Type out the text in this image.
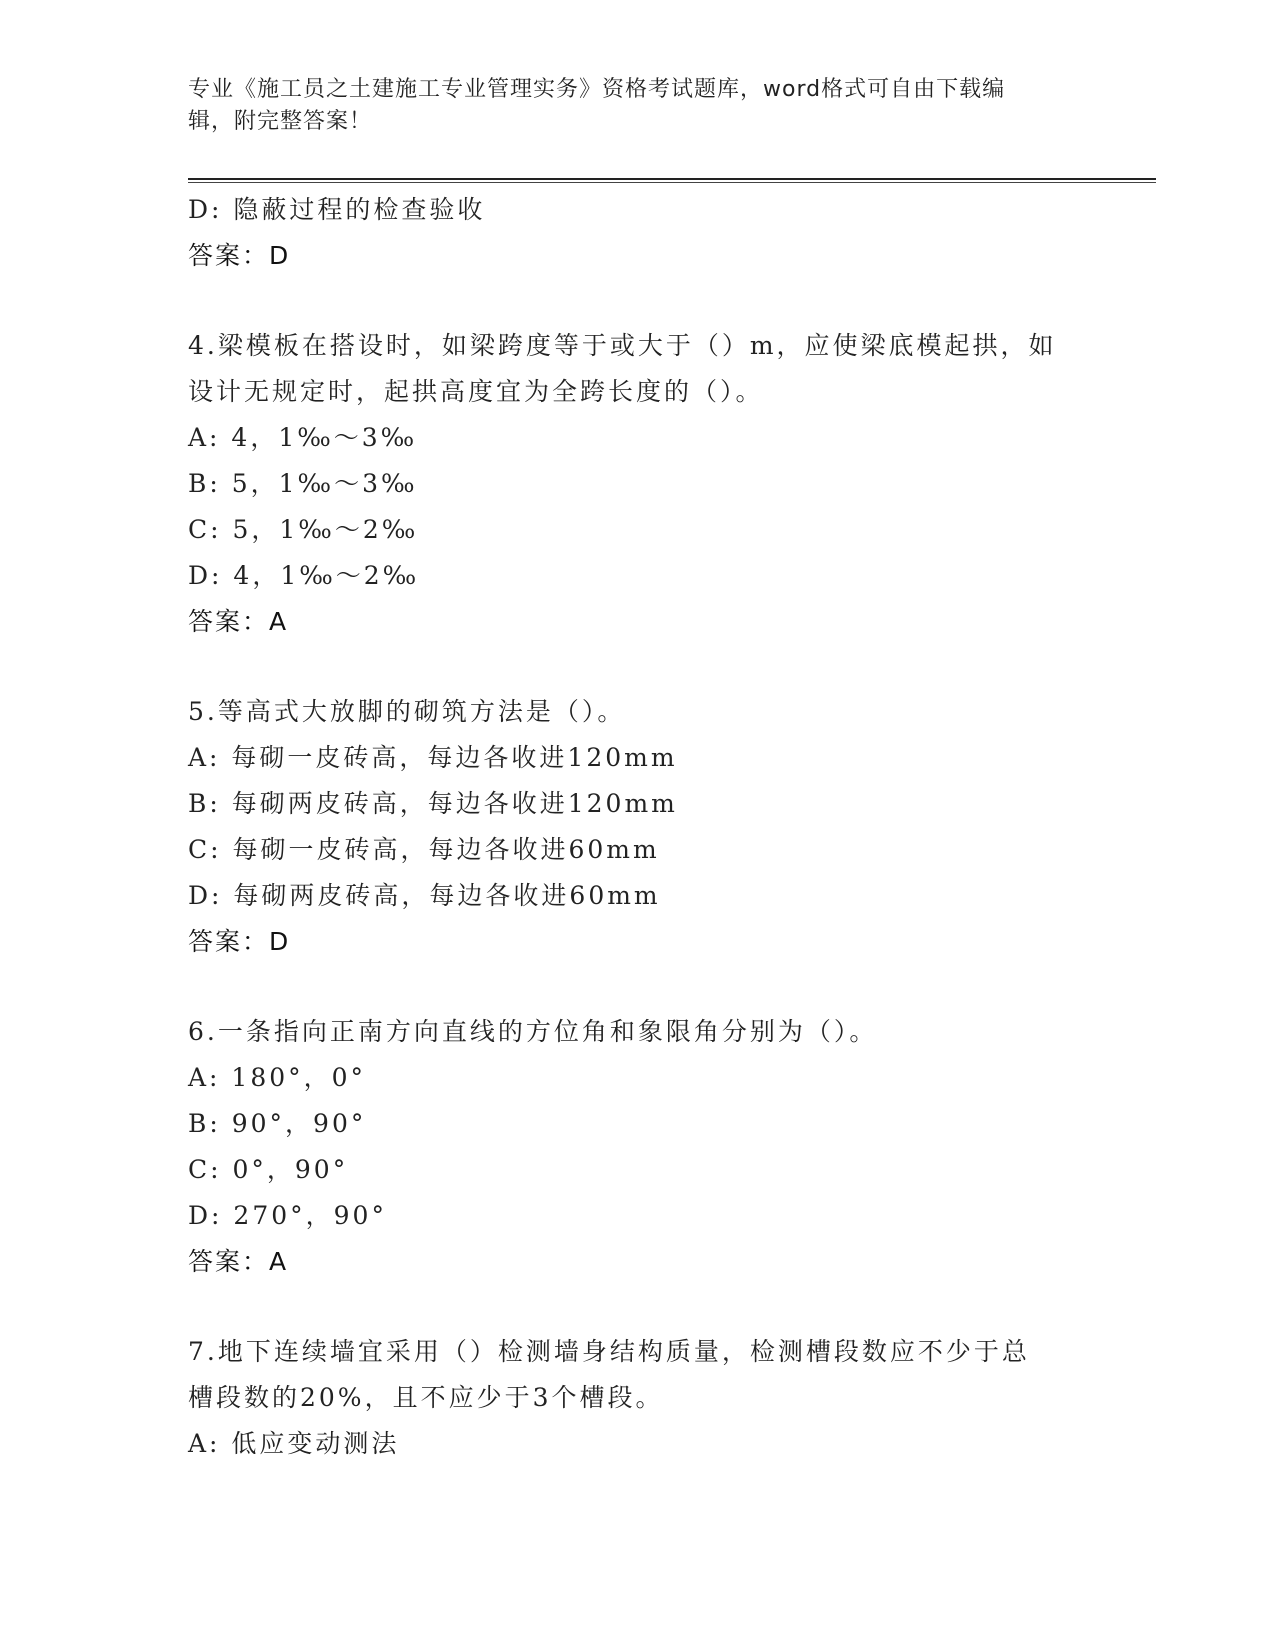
专业《施工员之土建施工专业管理实务》资格考试题库，word格式可自由下载编
辑，附完整答案！
D: 隐蔽过程的检查验收
答案：D
4.梁模板在搭设时，如梁跨度等于或大于（）m，应使梁底模起拱，如
设计无规定时，起拱高度宜为全跨长度的（）。
A: 4，1‰～3‰
B: 5，1‰～3‰
C: 5，1‰～2‰
D: 4，1‰～2‰
答案：A
5.等高式大放脚的砌筑方法是（）。
A: 每砌一皮砖高，每边各收进120mm
B: 每砌两皮砖高，每边各收进120mm
C: 每砌一皮砖高，每边各收进60mm
D: 每砌两皮砖高，每边各收进60mm
答案：D
6.一条指向正南方向直线的方位角和象限角分别为（）。
A: 180°，0°
B: 90°，90°
C: 0°，90°
D: 270°，90°
答案：A
7.地下连续墙宜采用（）检测墙身结构质量，检测槽段数应不少于总
槽段数的20%，且不应少于3个槽段。
A: 低应变动测法
